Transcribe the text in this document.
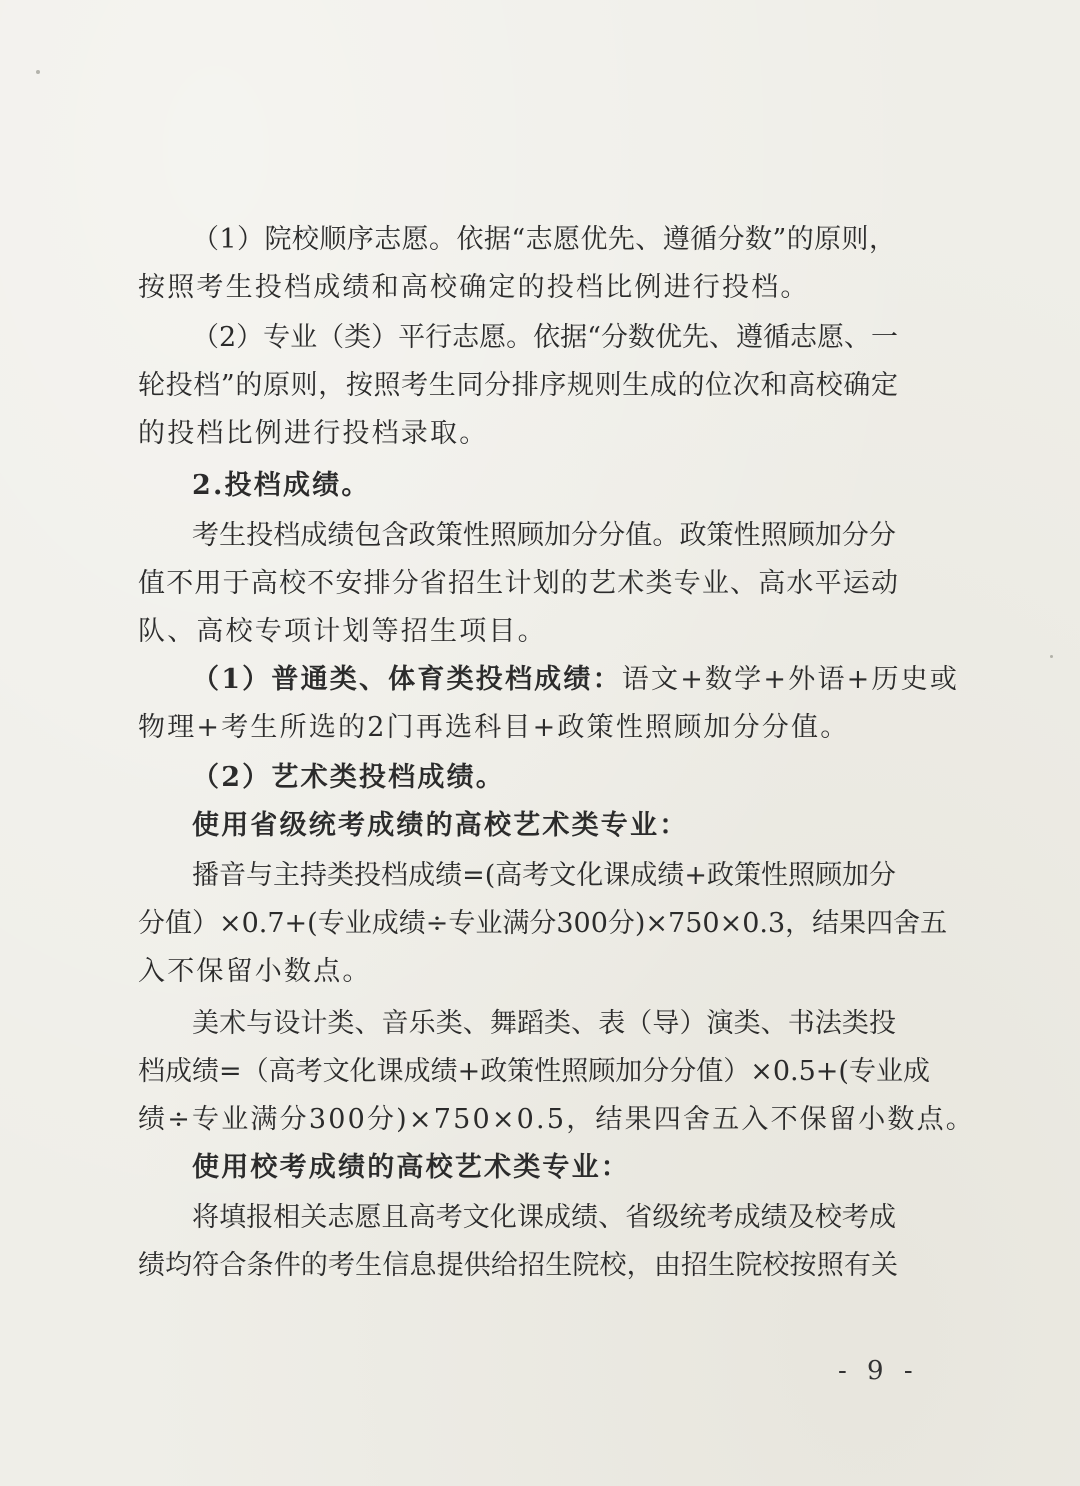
（1）院校顺序志愿。依据“志愿优先、遵循分数”的原则，

按照考生投档成绩和高校确定的投档比例进行投档。

（2）专业（类）平行志愿。依据“分数优先、遵循志愿、一

轮投档”的原则，按照考生同分排序规则生成的位次和高校确定

的投档比例进行投档录取。

2.投档成绩。

考生投档成绩包含政策性照顾加分分值。政策性照顾加分分

值不用于高校不安排分省招生计划的艺术类专业、高水平运动

队、高校专项计划等招生项目。

（1）普通类、体育类投档成绩：语文+数学+外语+历史或

物理+考生所选的2门再选科目+政策性照顾加分分值。

（2）艺术类投档成绩。

使用省级统考成绩的高校艺术类专业：

播音与主持类投档成绩=(高考文化课成绩+政策性照顾加分

分值）×0.7+(专业成绩÷专业满分300分)×750×0.3，结果四舍五

入不保留小数点。

美术与设计类、音乐类、舞蹈类、表（导）演类、书法类投

档成绩=（高考文化课成绩+政策性照顾加分分值）×0.5+(专业成

绩÷专业满分300分)×750×0.5，结果四舍五入不保留小数点。

使用校考成绩的高校艺术类专业：

将填报相关志愿且高考文化课成绩、省级统考成绩及校考成

绩均符合条件的考生信息提供给招生院校，由招生院校按照有关

- 9 -
